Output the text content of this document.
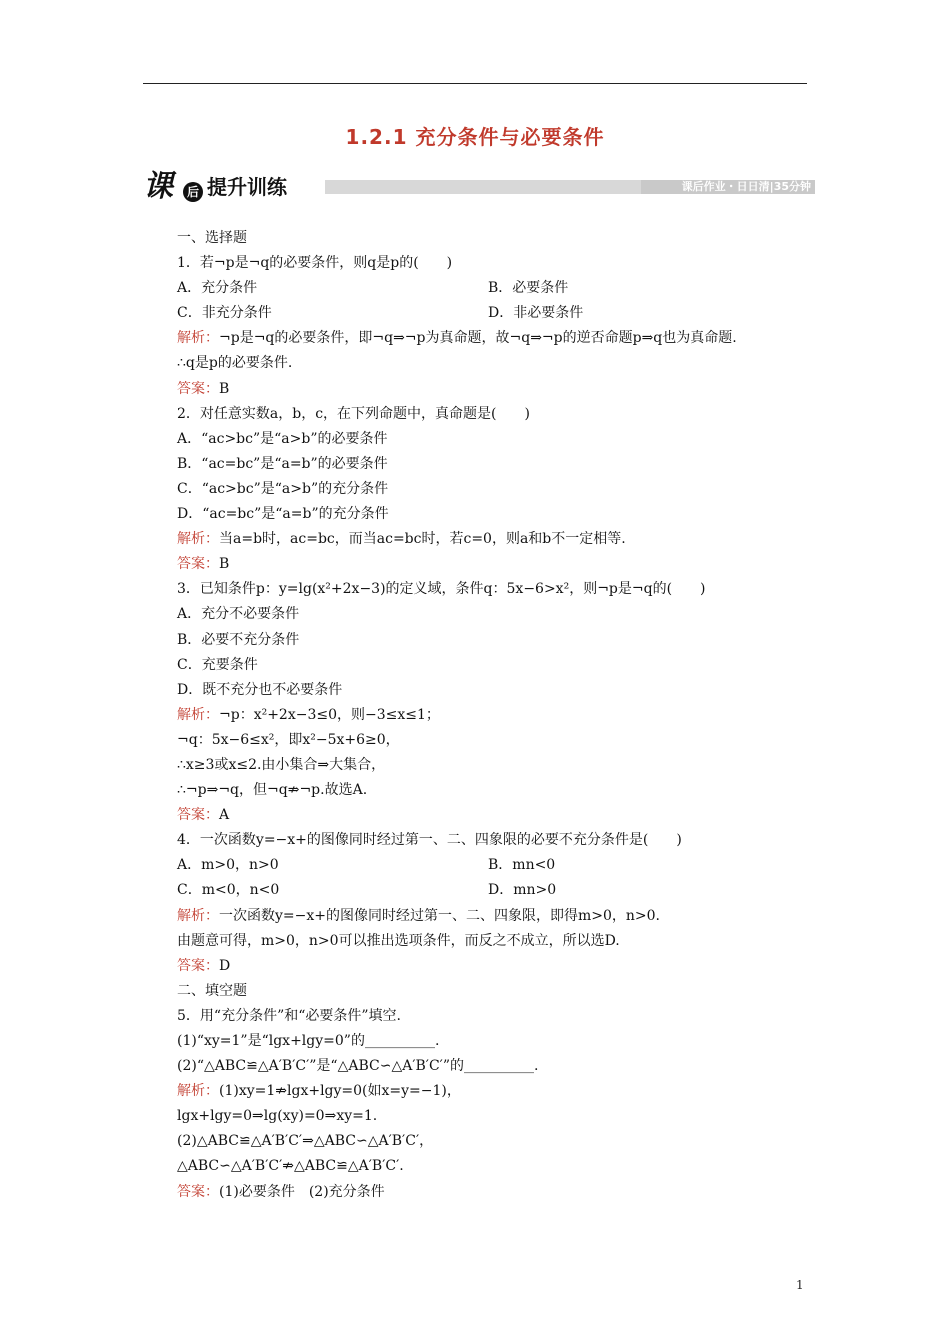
1.2.1 充分条件与必要条件
课	后 提升训练	课后作业・日日清|35分钟
一、选择题
1．若¬p是¬q的必要条件，则q是p的(　　)
A．充分条件	B．必要条件
C．非充分条件	D．非必要条件
解析：¬p是¬q的必要条件，即¬q⇒¬p为真命题，故¬q⇒¬p的逆否命题p⇒q也为真命题.
∴q是p的必要条件.
答案：B
2．对任意实数a，b，c，在下列命题中，真命题是(　　)
A．“ac>bc”是“a>b”的必要条件
B．“ac=bc”是“a=b”的必要条件
C．“ac>bc”是“a>b”的充分条件
D．“ac=bc”是“a=b”的充分条件
解析：当a=b时，ac=bc，而当ac=bc时，若c=0，则a和b不一定相等.
答案：B
3．已知条件p：y=lg(x²+2x−3)的定义域，条件q：5x−6>x²，则¬p是¬q的(　　)
A．充分不必要条件
B．必要不充分条件
C．充要条件
D．既不充分也不必要条件
解析：¬p：x²+2x−3≤0，则−3≤x≤1；
¬q：5x−6≤x²，即x²−5x+6≥0，
∴x≥3或x≤2.由小集合⇒大集合，
∴¬p⇒¬q，但¬q⇏¬p.故选A.
答案：A
4．一次函数y=−x+的图像同时经过第一、二、四象限的必要不充分条件是(　　)
A．m>0，n>0	B．mn<0
C．m<0，n<0	D．mn>0
解析：一次函数y=−x+的图像同时经过第一、二、四象限，即得m>0，n>0.
由题意可得，m>0，n>0可以推出选项条件，而反之不成立，所以选D.
答案：D
二、填空题
5．用“充分条件”和“必要条件”填空.
(1)“xy=1”是“lgx+lgy=0”的__________.
(2)“△ABC≌△A′B′C′”是“△ABC∽△A′B′C′”的__________.
解析：(1)xy=1⇏lgx+lgy=0(如x=y=−1)，
lgx+lgy=0⇒lg(xy)=0⇒xy=1.
(2)△ABC≌△A′B′C′⇒△ABC∽△A′B′C′，
△ABC∽△A′B′C′⇏△ABC≌△A′B′C′.
答案：(1)必要条件　(2)充分条件
1
